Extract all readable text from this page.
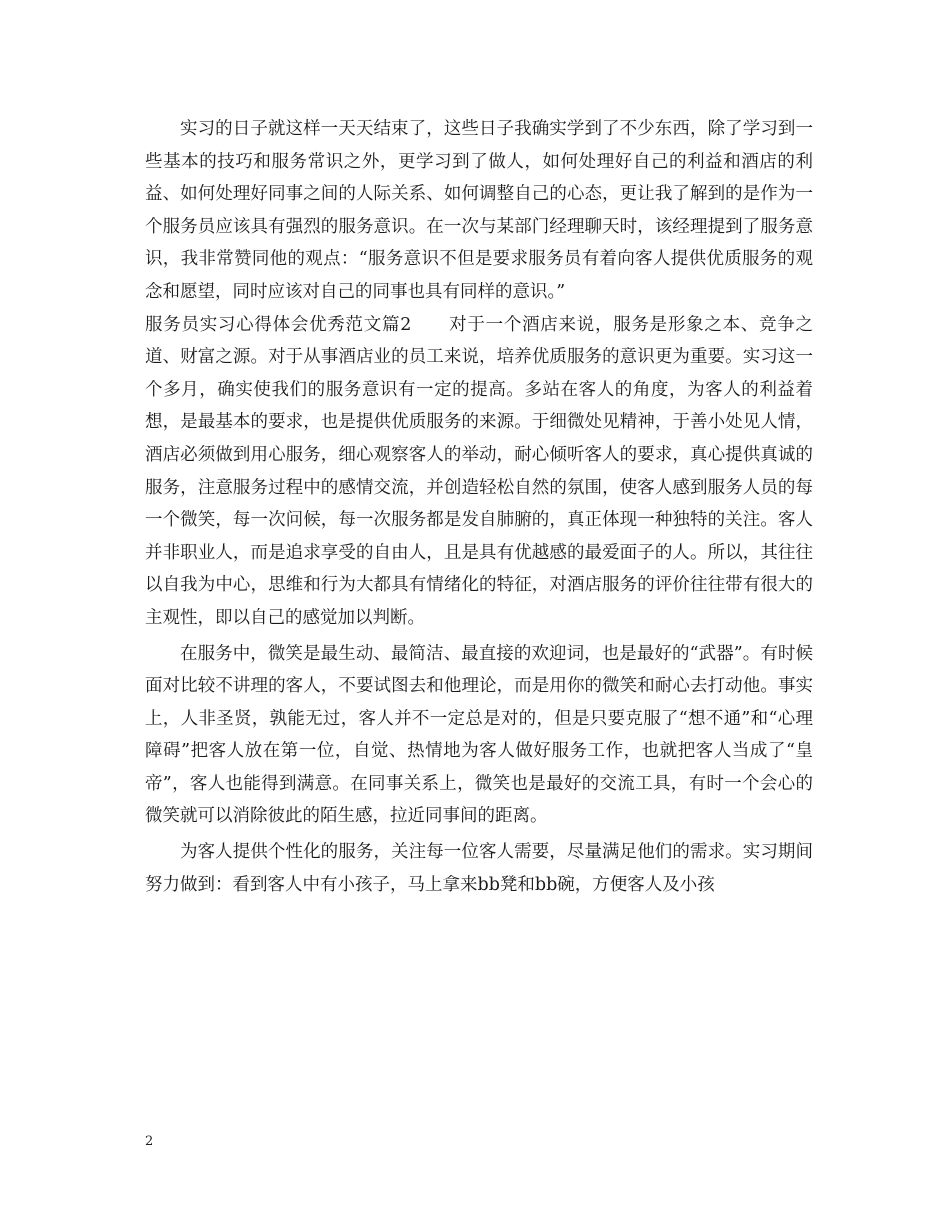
实习的日子就这样一天天结束了，这些日子我确实学到了不少东西，除了学习到一些基本的技巧和服务常识之外，更学习到了做人，如何处理好自己的利益和酒店的利益、如何处理好同事之间的人际关系、如何调整自己的心态，更让我了解到的是作为一个服务员应该具有强烈的服务意识。在一次与某部门经理聊天时，该经理提到了服务意识，我非常赞同他的观点：“服务意识不但是要求服务员有着向客人提供优质服务的观念和愿望，同时应该对自己的同事也具有同样的意识。”

服务员实习心得体会优秀范文篇2 对于一个酒店来说，服务是形象之本、竞争之道、财富之源。对于从事酒店业的员工来说，培养优质服务的意识更为重要。实习这一个多月，确实使我们的服务意识有一定的提高。多站在客人的角度，为客人的利益着想，是最基本的要求，也是提供优质服务的来源。于细微处见精神，于善小处见人情，酒店必须做到用心服务，细心观察客人的举动，耐心倾听客人的要求，真心提供真诚的服务，注意服务过程中的感情交流，并创造轻松自然的氛围，使客人感到服务人员的每一个微笑，每一次问候，每一次服务都是发自肺腑的，真正体现一种独特的关注。客人并非职业人，而是追求享受的自由人，且是具有优越感的最爱面子的人。所以，其往往以自我为中心，思维和行为大都具有情绪化的特征，对酒店服务的评价往往带有很大的主观性，即以自己的感觉加以判断。

在服务中，微笑是最生动、最简洁、最直接的欢迎词，也是最好的“武器”。有时候面对比较不讲理的客人，不要试图去和他理论，而是用你的微笑和耐心去打动他。事实上，人非圣贤，孰能无过，客人并不一定总是对的，但是只要克服了“想不通”和“心理障碍”把客人放在第一位，自觉、热情地为客人做好服务工作，也就把客人当成了“皇帝”，客人也能得到满意。在同事关系上，微笑也是最好的交流工具，有时一个会心的微笑就可以消除彼此的陌生感，拉近同事间的距离。

为客人提供个性化的服务，关注每一位客人需要，尽量满足他们的需求。实习期间努力做到：看到客人中有小孩子，马上拿来bb凳和bb碗，方便客人及小孩

2
